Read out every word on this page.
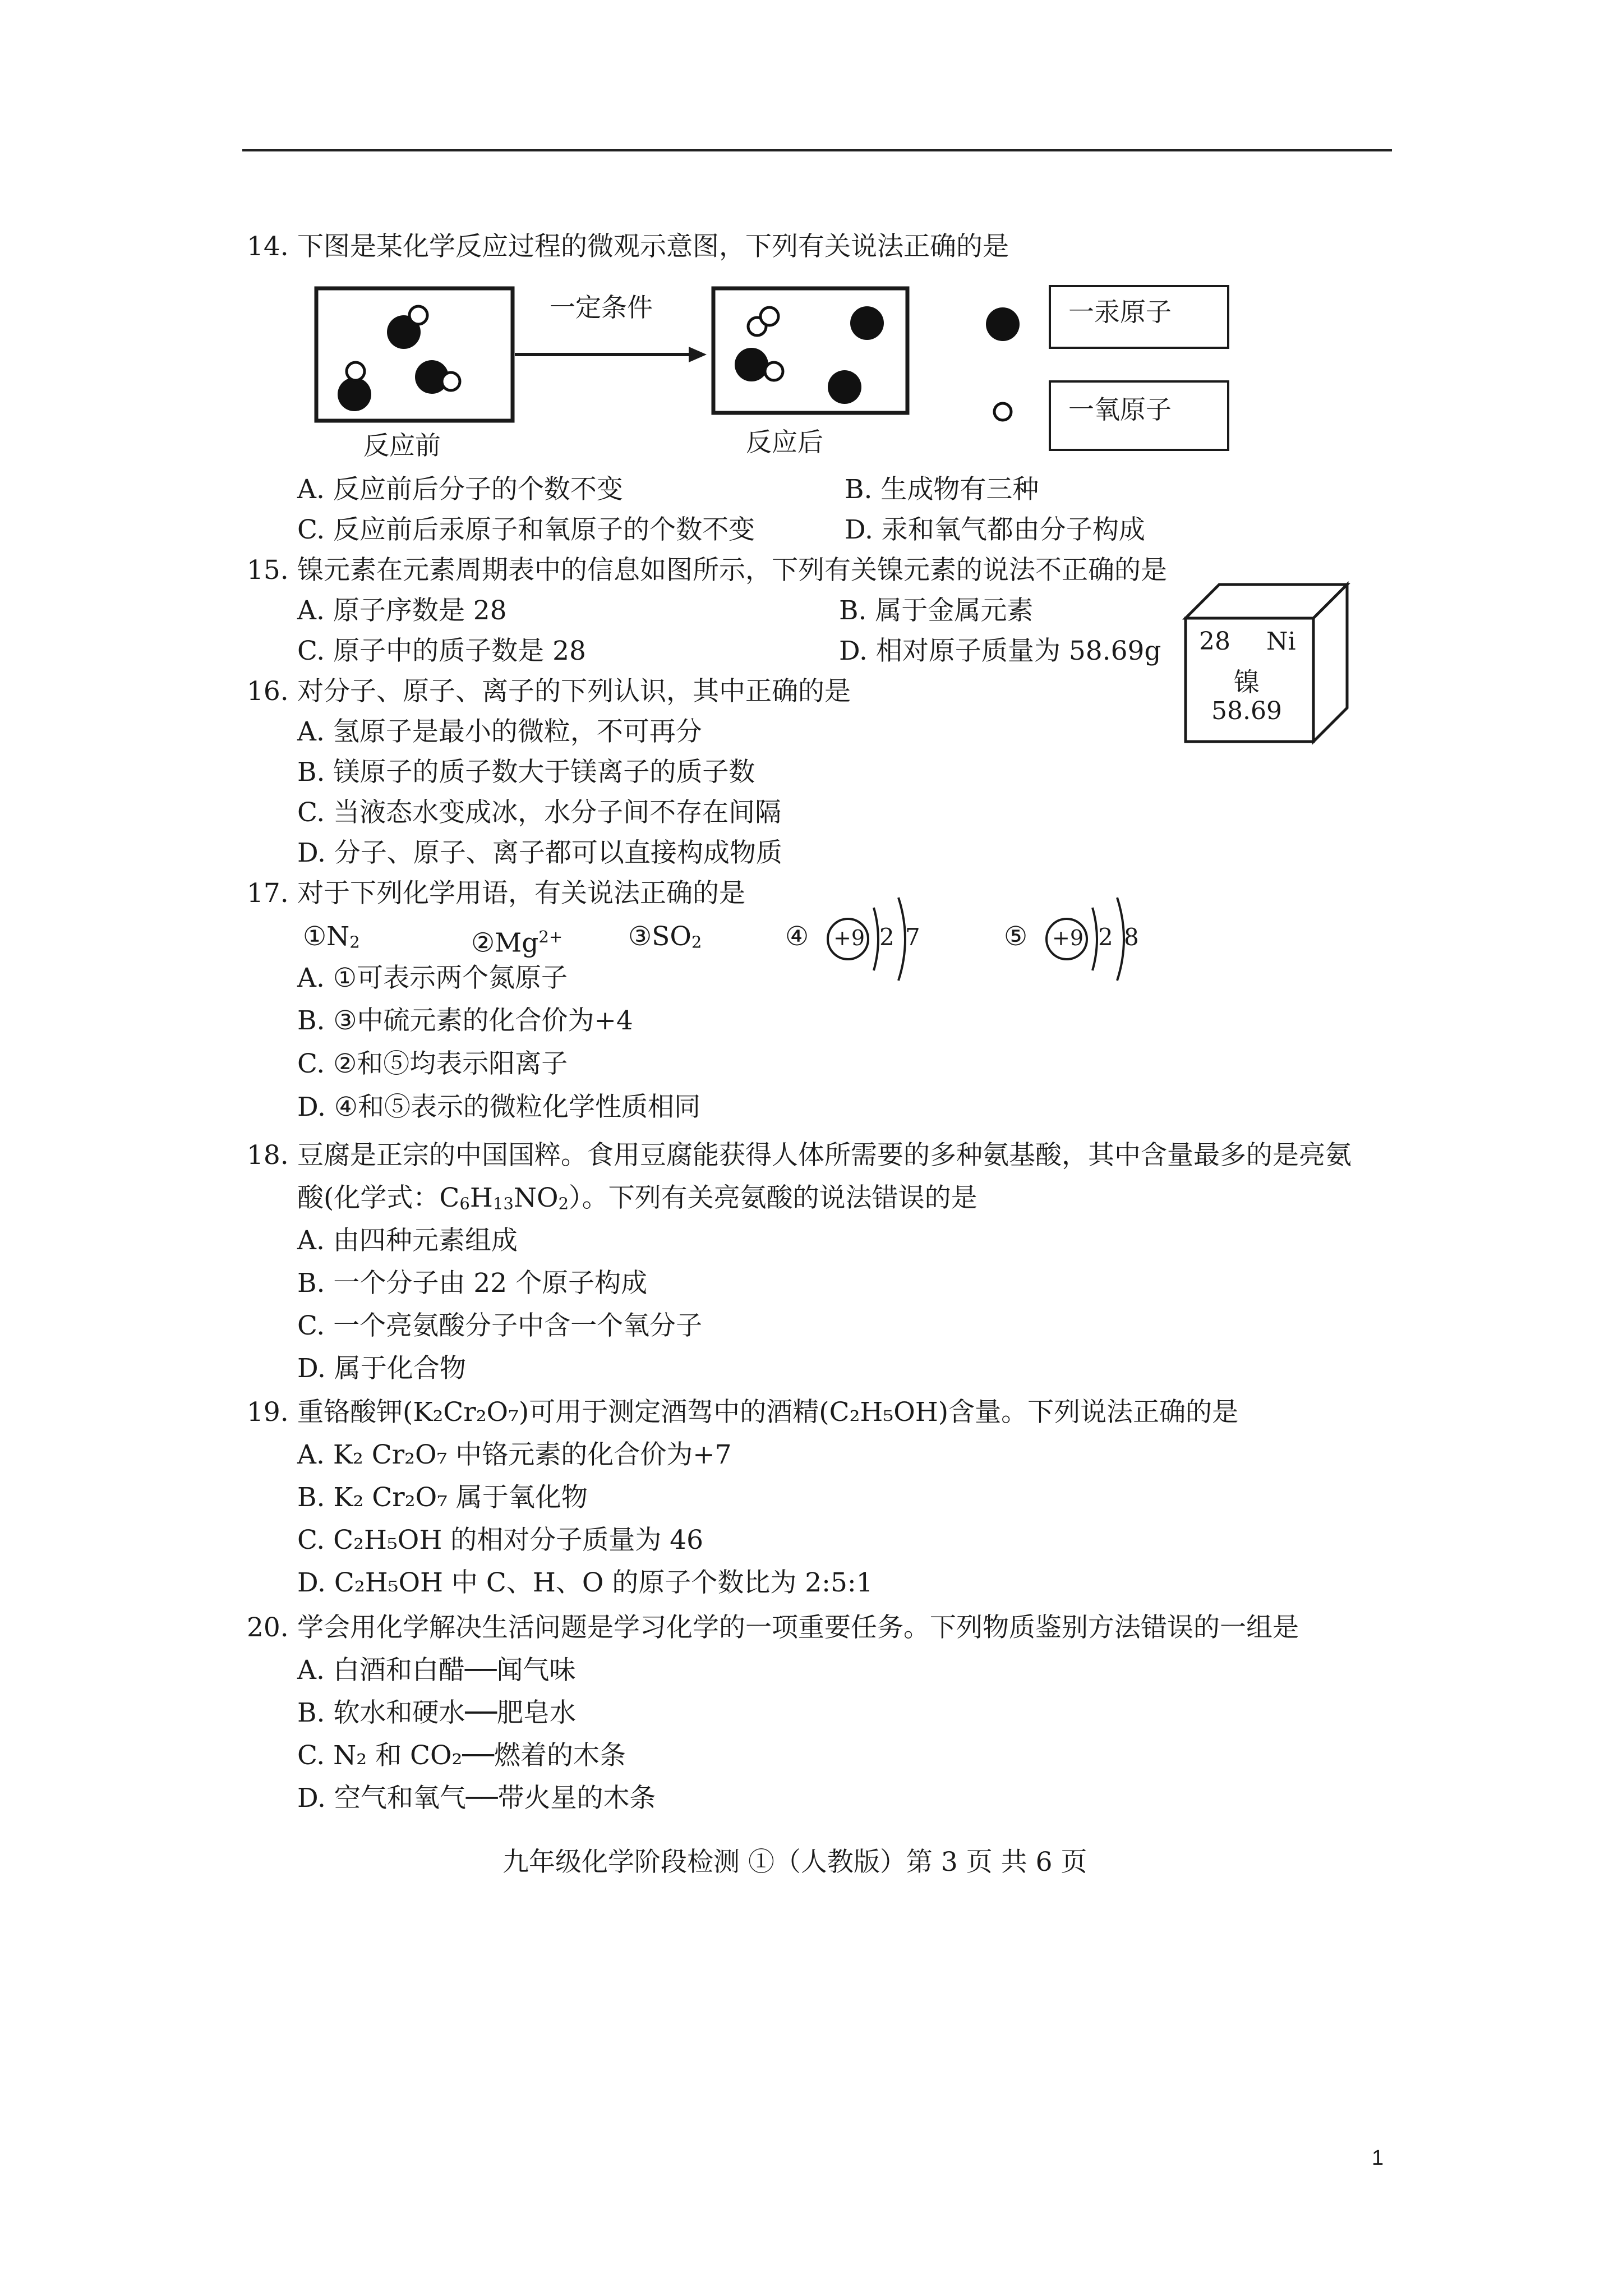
14. 下图是某化学反应过程的微观示意图，下列有关说法正确的是
一定条件
反应前	反应后
一汞原子
一氧原子
A. 反应前后分子的个数不变	B. 生成物有三种
C. 反应前后汞原子和氧原子的个数不变	D. 汞和氧气都由分子构成
15. 镍元素在元素周期表中的信息如图所示，下列有关镍元素的说法不正确的是
A. 原子序数是 28	B. 属于金属元素
C. 原子中的质子数是 28	D. 相对原子质量为 58.69g 28 Ni
镍
58.69
16. 对分子、原子、离子的下列认识，其中正确的是
A. 氢原子是最小的微粒，不可再分
B. 镁原子的质子数大于镁离子的质子数
C. 当液态水变成冰，水分子间不存在间隔
D. 分子、原子、离子都可以直接构成物质
17. 对于下列化学用语，有关说法正确的是
$①N_2$	$②Mg^{2+}$ $③SO_2$	④ +9 2 7	⑤ +9 2 8
A. ①可表示两个氮原子
B. ③中硫元素的化合价为+4
C. ②和⑤均表示阳离子
D. ④和⑤表示的微粒化学性质相同
18. 豆腐是正宗的中国国粹。食用豆腐能获得人体所需要的多种氨基酸，其中含量最多的是亮氨
酸(化学式：$C_6H_{13}NO_2$）。下列有关亮氨酸的说法错误的是
A. 由四种元素组成
B. 一个分子由 22 个原子构成
C. 一个亮氨酸分子中含一个氧分子
D. 属于化合物
19. 重铬酸钾(K₂Cr₂O₇)可用于测定酒驾中的酒精(C₂H₅OH)含量。下列说法正确的是
A. K₂ Cr₂O₇ 中铬元素的化合价为+7
B. K₂ Cr₂O₇ 属于氧化物
C. C₂H₅OH 的相对分子质量为 46
D. C₂H₅OH 中 C、H、O 的原子个数比为 2:5:1
20. 学会用化学解决生活问题是学习化学的一项重要任务。下列物质鉴别方法错误的一组是
A. 白酒和白醋──闻气味
B. 软水和硬水──肥皂水
C. N₂ 和 CO₂──燃着的木条
D. 空气和氧气──带火星的木条
九年级化学阶段检测 ①（人教版）第 3 页 共 6 页
1
